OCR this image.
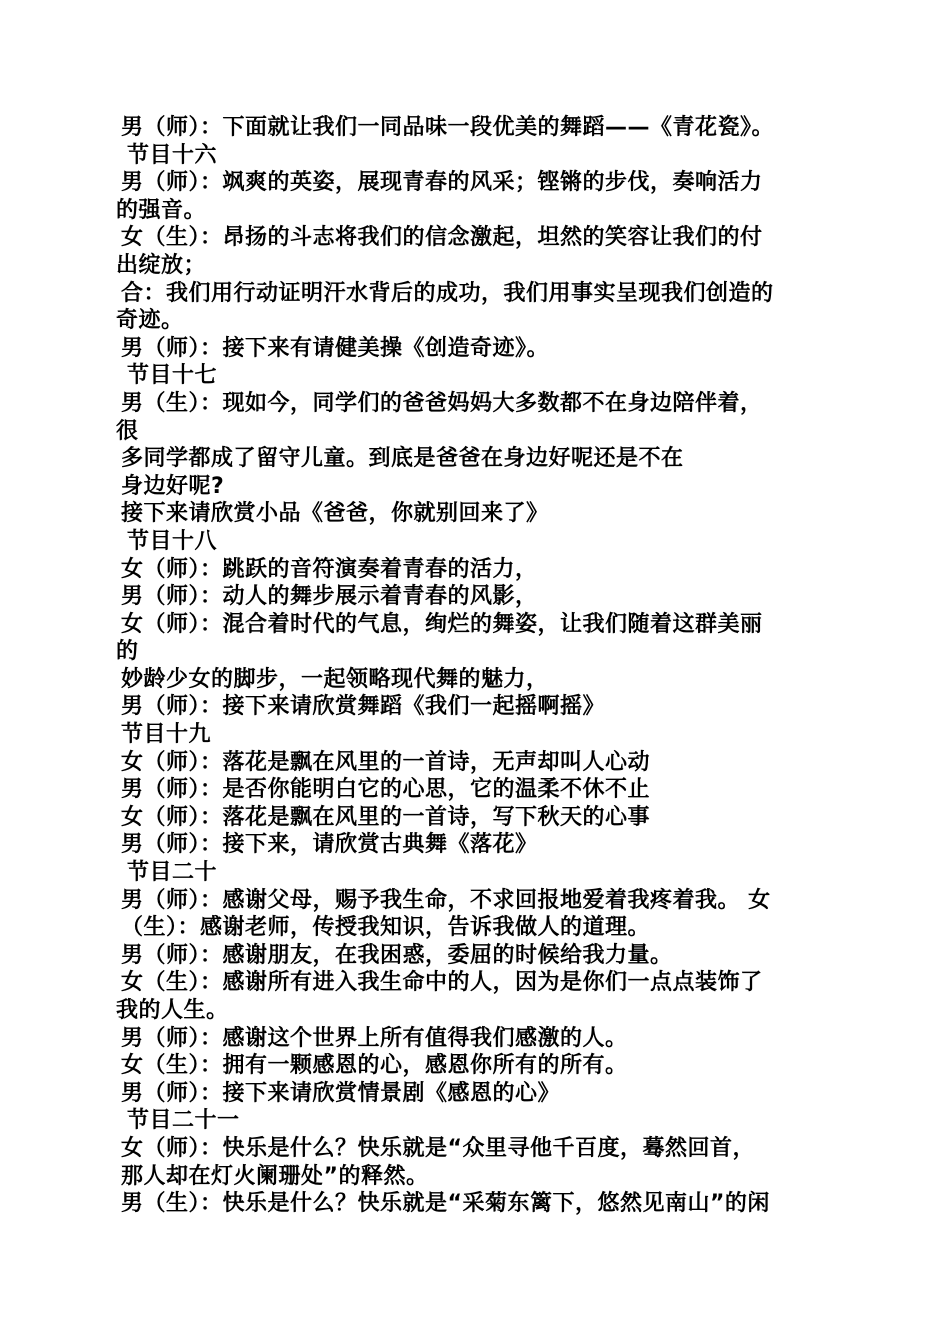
男（师）：下面就让我们一同品味一段优美的舞蹈——《青花瓷》。
节目十六
男（师）：飒爽的英姿，展现青春的风采；铿锵的步伐，奏响活力
的强音。
女（生）：昂扬的斗志将我们的信念激起，坦然的笑容让我们的付
出绽放；
合：我们用行动证明汗水背后的成功，我们用事实呈现我们创造的
奇迹。
男（师）：接下来有请健美操《创造奇迹》。
节目十七
男（生）：现如今，同学们的爸爸妈妈大多数都不在身边陪伴着，
很
多同学都成了留守儿童。到底是爸爸在身边好呢还是不在
身边好呢?
接下来请欣赏小品《爸爸，你就别回来了》
节目十八
女（师）：跳跃的音符演奏着青春的活力，
男（师）：动人的舞步展示着青春的风影，
女（师）：混合着时代的气息，绚烂的舞姿，让我们随着这群美丽
的
妙龄少女的脚步，一起领略现代舞的魅力，
男（师）：接下来请欣赏舞蹈《我们一起摇啊摇》
节目十九
女（师）：落花是飘在风里的一首诗，无声却叫人心动
男（师）：是否你能明白它的心思，它的温柔不休不止
女（师）：落花是飘在风里的一首诗，写下秋天的心事
男（师）：接下来，请欣赏古典舞《落花》
节目二十
男（师）：感谢父母，赐予我生命，不求回报地爱着我疼着我。 女
（生）：感谢老师，传授我知识，告诉我做人的道理。
男（师）：感谢朋友，在我困惑，委屈的时候给我力量。
女（生）：感谢所有进入我生命中的人，因为是你们一点点装饰了
我的人生。
男（师）：感谢这个世界上所有值得我们感激的人。
女（生）：拥有一颗感恩的心，感恩你所有的所有。
男（师）：接下来请欣赏情景剧《感恩的心》
节目二十一
女（师）：快乐是什么？快乐就是“众里寻他千百度，蓦然回首，
那人却在灯火阑珊处”的释然。
男（生）：快乐是什么？快乐就是“采菊东篱下，悠然见南山”的闲
